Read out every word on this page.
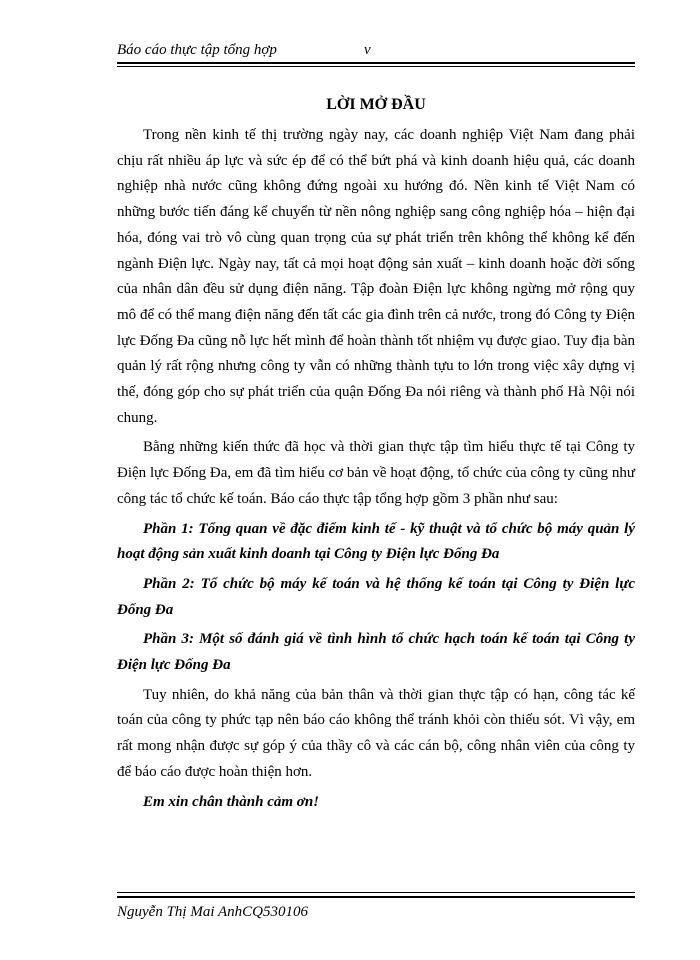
Báo cáo thực tập tổng hợp	v
LỜI MỞ ĐẦU

Trong nền kinh tế thị trường ngày nay, các doanh nghiệp Việt Nam đang phải chịu rất nhiều áp lực và sức ép để có thể bứt phá và kinh doanh hiệu quả, các doanh nghiệp nhà nước cũng không đứng ngoài xu hướng đó. Nền kinh tế Việt Nam có những bước tiến đáng kể chuyển từ nền nông nghiệp sang công nghiệp hóa – hiện đại hóa, đóng vai trò vô cùng quan trọng của sự phát triển trên không thể không kể đến ngành Điện lực. Ngày nay, tất cả mọi hoạt động sản xuất – kinh doanh hoặc đời sống của nhân dân đều sử dụng điện năng. Tập đoàn Điện lực không ngừng mở rộng quy mô để có thể mang điện năng đến tất các gia đình trên cả nước, trong đó Công ty Điện lực Đống Đa cũng nỗ lực hết mình để hoàn thành tốt nhiệm vụ được giao. Tuy địa bàn quản lý rất rộng nhưng công ty vẫn có những thành tựu to lớn trong việc xây dựng vị thế, đóng góp cho sự phát triển của quận Đống Đa nói riêng và thành phố Hà Nội nói chung.

Bằng những kiến thức đã học và thời gian thực tập tìm hiểu thực tế tại Công ty Điện lực Đống Đa, em đã tìm hiểu cơ bản về hoạt động, tổ chức của công ty cũng như công tác tổ chức kế toán. Báo cáo thực tập tổng hợp gồm 3 phần như sau:

Phần 1: Tổng quan về đặc điểm kinh tế - kỹ thuật và tổ chức bộ máy quản lý hoạt động sản xuất kinh doanh tại Công ty Điện lực Đống Đa

Phần 2: Tổ chức bộ máy kế toán và hệ thống kế toán tại Công ty Điện lực Đống Đa

Phần 3: Một số đánh giá về tình hình tổ chức hạch toán kế toán tại Công ty Điện lực Đống Đa

Tuy nhiên, do khả năng của bản thân và thời gian thực tập có hạn, công tác kế toán của công ty phức tạp nên báo cáo không thể tránh khỏi còn thiếu sót. Vì vậy, em rất mong nhận được sự góp ý của thầy cô và các cán bộ, công nhân viên của công ty để báo cáo được hoàn thiện hơn.

Em xin chân thành cảm ơn!

Nguyễn Thị Mai AnhCQ530106
